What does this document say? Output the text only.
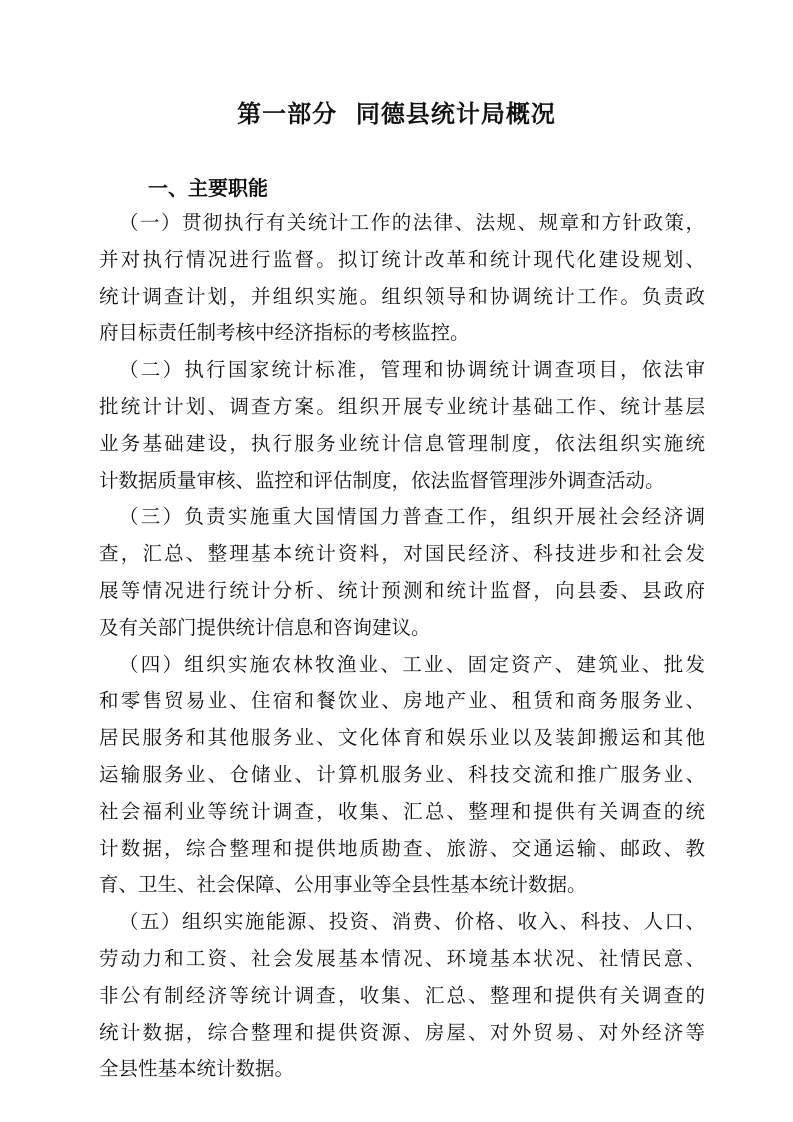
第一部分  同德县统计局概况
一、主要职能
（一）贯彻执行有关统计工作的法律、法规、规章和方针政策，
并对执行情况进行监督。拟订统计改革和统计现代化建设规划、
统计调查计划，并组织实施。组织领导和协调统计工作。负责政
府目标责任制考核中经济指标的考核监控。
（二）执行国家统计标准，管理和协调统计调查项目，依法审
批统计计划、调查方案。组织开展专业统计基础工作、统计基层
业务基础建设，执行服务业统计信息管理制度，依法组织实施统
计数据质量审核、监控和评估制度，依法监督管理涉外调查活动。
（三）负责实施重大国情国力普查工作，组织开展社会经济调
查，汇总、整理基本统计资料，对国民经济、科技进步和社会发
展等情况进行统计分析、统计预测和统计监督，向县委、县政府
及有关部门提供统计信息和咨询建议。
（四）组织实施农林牧渔业、工业、固定资产、建筑业、批发
和零售贸易业、住宿和餐饮业、房地产业、租赁和商务服务业、
居民服务和其他服务业、文化体育和娱乐业以及装卸搬运和其他
运输服务业、仓储业、计算机服务业、科技交流和推广服务业、
社会福利业等统计调查，收集、汇总、整理和提供有关调查的统
计数据，综合整理和提供地质勘查、旅游、交通运输、邮政、教
育、卫生、社会保障、公用事业等全县性基本统计数据。
（五）组织实施能源、投资、消费、价格、收入、科技、人口、
劳动力和工资、社会发展基本情况、环境基本状况、社情民意、
非公有制经济等统计调查，收集、汇总、整理和提供有关调查的
统计数据，综合整理和提供资源、房屋、对外贸易、对外经济等
全县性基本统计数据。
